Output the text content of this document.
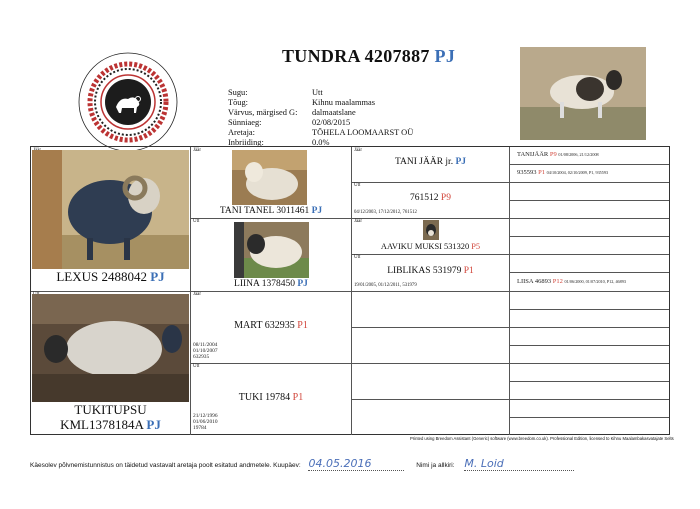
TUNDRA 4207887 PJ
Sugu:	Utt
Tõug:	Kihnu maalammas
Värvus, märgised G:	dalmaatslane
Sünniaeg:	02/08/2015
Aretaja:	TÕHELA LOOMAARST OÜ
Inbriiding:	0.0%
Jäär
Utt
Jäär
Utt
Jäär
Utt
Jäär
Utt
LEXUS 2488042 PJ
TUKITUPSU
KML1378184A PJ
TANI TANEL 3011461 PJ
LIINA 1378450 PJ
MART 632935 P1
08/11/2004
01/10/2007
632935
TUKI 19784 P1
21/12/1996
01/06/2010
19784
TANI JÄÄR jr. PJ
761512 P9
04/12/2003, 17/12/2012, 761512
AAVIKU MUKSI 531320 P5
LIBLIKAS 531979 P1
19/01/2005, 01/12/2011, 531979
TANIJÄÄR P9 01/08/2006, 21/12/2008
935593 P1 04/10/2004, 02/10/2009, P1, 935593
LIISA 46893 P12 01/06/2000, 01/07/2010, P12, 46893
Printed using Breedom Assistant (Generic) software (www.breedom.co.uk). Professional Edition, licensed to Kihnu Maalambakasvatajate Selts
Käesolev põlvnemistunnistus on täidetud vastavalt aretaja poolt esitatud andmetele. Kuupäev: 04.05.2016	Nimi ja allkiri: M. Loid
